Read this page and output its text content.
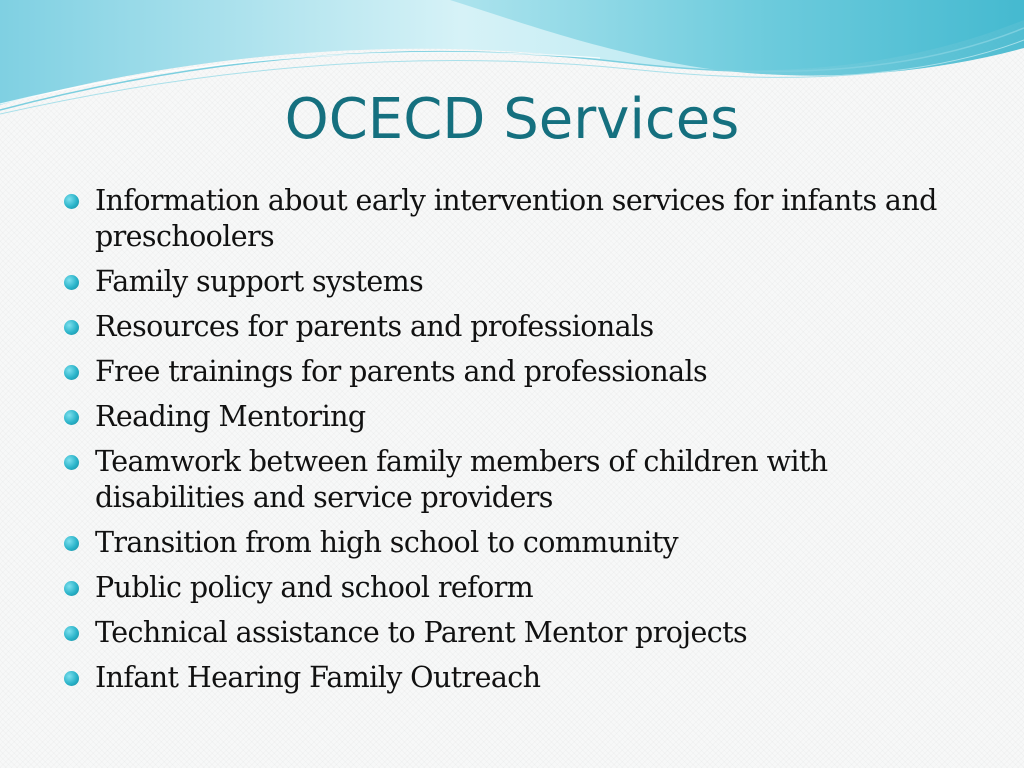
OCECD Services
Information about early intervention services for infants and preschoolers
Family support systems
Resources for parents and professionals
Free trainings for parents and professionals
Reading Mentoring
Teamwork between family members of children with disabilities and service providers
Transition from high school to community
Public policy and school reform
Technical assistance to Parent Mentor projects
Infant Hearing Family Outreach
